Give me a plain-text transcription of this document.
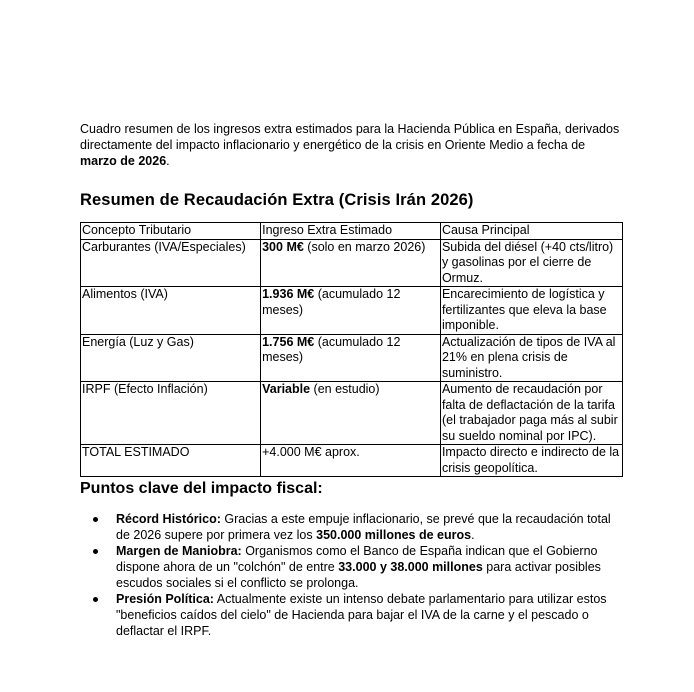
Cuadro resumen de los ingresos extra estimados para la Hacienda Pública en España, derivados directamente del impacto inflacionario y energético de la crisis en Oriente Medio a fecha de marzo de 2026.

Resumen de Recaudación Extra (Crisis Irán 2026)
Concepto Tributario	Ingreso Extra Estimado	Causa Principal
Carburantes (IVA/Especiales)	300 M€ (solo en marzo 2026)	Subida del diésel (+40 cts/litro) y gasolinas por el cierre de Ormuz.
Alimentos (IVA)	1.936 M€ (acumulado 12 meses)	Encarecimiento de logística y fertilizantes que eleva la base imponible.
Energía (Luz y Gas)	1.756 M€ (acumulado 12 meses)	Actualización de tipos de IVA al 21% en plena crisis de suministro.
IRPF (Efecto Inflación)	Variable (en estudio)	Aumento de recaudación por falta de deflactación de la tarifa (el trabajador paga más al subir su sueldo nominal por IPC).
TOTAL ESTIMADO	+4.000 M€ aprox.	Impacto directo e indirecto de la crisis geopolítica.
Puntos clave del impacto fiscal:
Récord Histórico: Gracias a este empuje inflacionario, se prevé que la recaudación total de 2026 supere por primera vez los 350.000 millones de euros.
Margen de Maniobra: Organismos como el Banco de España indican que el Gobierno dispone ahora de un "colchón" de entre 33.000 y 38.000 millones para activar posibles escudos sociales si el conflicto se prolonga.
Presión Política: Actualmente existe un intenso debate parlamentario para utilizar estos "beneficios caídos del cielo" de Hacienda para bajar el IVA de la carne y el pescado o deflactar el IRPF.
